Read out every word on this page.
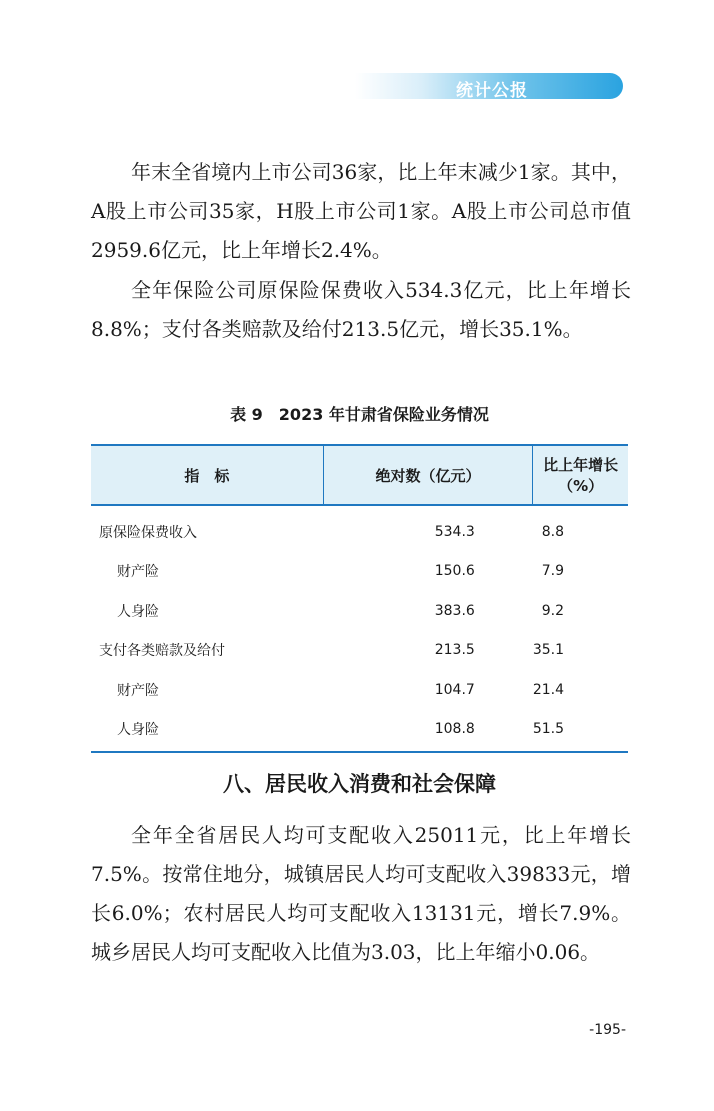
统计公报

年末全省境内上市公司36家，比上年末减少1家。其中，A股上市公司35家，H股上市公司1家。A股上市公司总市值2959.6亿元，比上年增长2.4%。

全年保险公司原保险保费收入534.3亿元，比上年增长8.8%；支付各类赔款及给付213.5亿元，增长35.1%。

表 9　2023 年甘肃省保险业务情况
指　标	绝对数（亿元）	比上年增长（%）
原保险保费收入	534.3	8.8
财产险	150.6	7.9
人身险	383.6	9.2
支付各类赔款及给付	213.5	35.1
财产险	104.7	21.4
人身险	108.8	51.5
八、居民收入消费和社会保障

全年全省居民人均可支配收入25011元，比上年增长7.5%。按常住地分，城镇居民人均可支配收入39833元，增长6.0%；农村居民人均可支配收入13131元，增长7.9%。城乡居民人均可支配收入比值为3.03，比上年缩小0.06。

-195-
